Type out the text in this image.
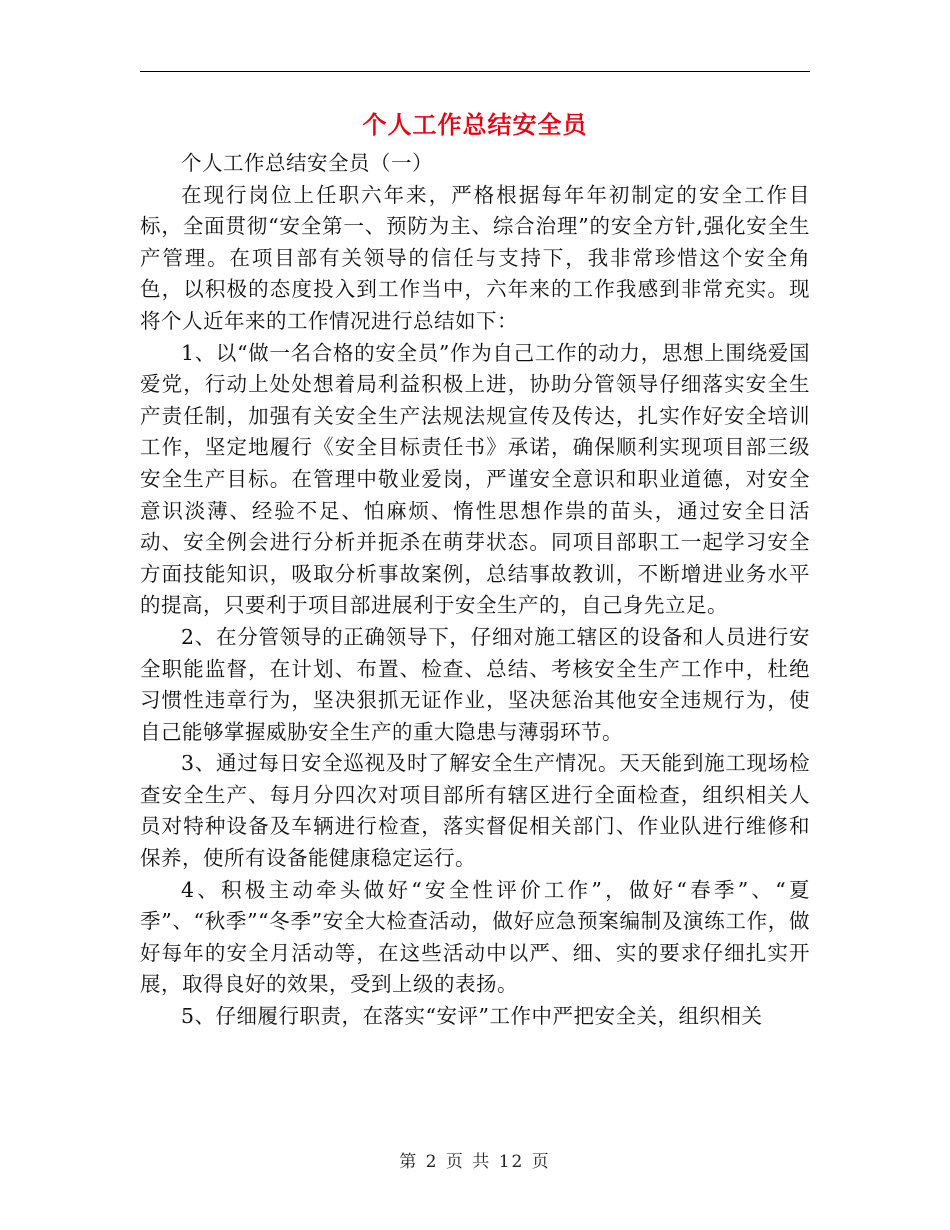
个人工作总结安全员

个人工作总结安全员（一）

在现行岗位上任职六年来，严格根据每年年初制定的安全工作目标，全面贯彻“安全第一、预防为主、综合治理”的安全方针,强化安全生产管理。在项目部有关领导的信任与支持下，我非常珍惜这个安全角色，以积极的态度投入到工作当中，六年来的工作我感到非常充实。现将个人近年来的工作情况进行总结如下：

1、以“做一名合格的安全员”作为自己工作的动力，思想上围绕爱国爱党，行动上处处想着局利益积极上进，协助分管领导仔细落实安全生产责任制，加强有关安全生产法规法规宣传及传达，扎实作好安全培训工作，坚定地履行《安全目标责任书》承诺，确保顺利实现项目部三级安全生产目标。在管理中敬业爱岗，严谨安全意识和职业道德，对安全意识淡薄、经验不足、怕麻烦、惰性思想作祟的苗头，通过安全日活动、安全例会进行分析并扼杀在萌芽状态。同项目部职工一起学习安全方面技能知识，吸取分析事故案例，总结事故教训，不断增进业务水平的提高，只要利于项目部进展利于安全生产的，自己身先立足。

2、在分管领导的正确领导下，仔细对施工辖区的设备和人员进行安全职能监督，在计划、布置、检查、总结、考核安全生产工作中，杜绝习惯性违章行为，坚决狠抓无证作业，坚决惩治其他安全违规行为，使自己能够掌握威胁安全生产的重大隐患与薄弱环节。

3、通过每日安全巡视及时了解安全生产情况。天天能到施工现场检查安全生产、每月分四次对项目部所有辖区进行全面检查，组织相关人员对特种设备及车辆进行检查，落实督促相关部门、作业队进行维修和保养，使所有设备能健康稳定运行。

4、积极主动牵头做好“安全性评价工作”，做好“春季”、“夏季”、“秋季”“冬季”安全大检查活动，做好应急预案编制及演练工作，做好每年的安全月活动等，在这些活动中以严、细、实的要求仔细扎实开展，取得良好的效果，受到上级的表扬。

5、仔细履行职责，在落实“安评”工作中严把安全关，组织相关

第 2 页 共 12 页
